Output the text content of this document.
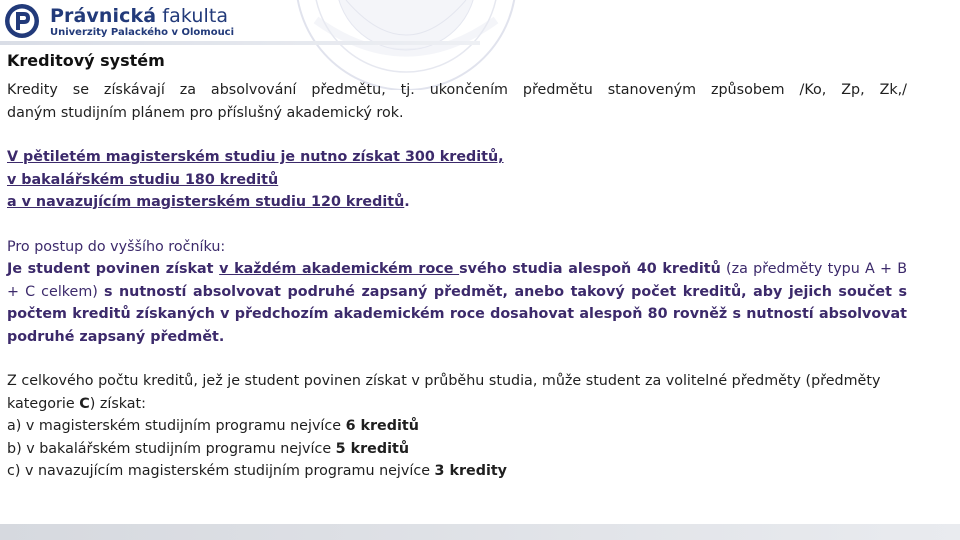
Právnická fakulta
Univerzity Palackého v Olomouci
Kreditový systém

Kredity se získávají za absolvování předmětu, tj. ukončením předmětu stanoveným způsobem /Ko, Zp, Zk,/

daným studijním plánem pro příslušný akademický rok.

V pětiletém magisterském studiu je nutno získat 300 kreditů,
v bakalářském studiu 180 kreditů
a v navazujícím magisterském studiu 120 kreditů.

Pro postup do vyššího ročníku:

Je student povinen získat v každém akademickém roce svého studia alespoň 40 kreditů (za předměty typu A + B + C celkem) s nutností absolvovat podruhé zapsaný předmět, anebo takový počet kreditů, aby jejich součet s počtem kreditů získaných v předchozím akademickém roce dosahovat alespoň 80 rovněž s nutností absolvovat podruhé zapsaný předmět.

Z celkového počtu kreditů, jež je student povinen získat v průběhu studia, může student za volitelné předměty (předměty kategorie C) získat:

a) v magisterském studijním programu nejvíce 6 kreditů

b) v bakalářském studijním programu nejvíce 5 kreditů

c) v navazujícím magisterském studijním programu nejvíce 3 kredity
